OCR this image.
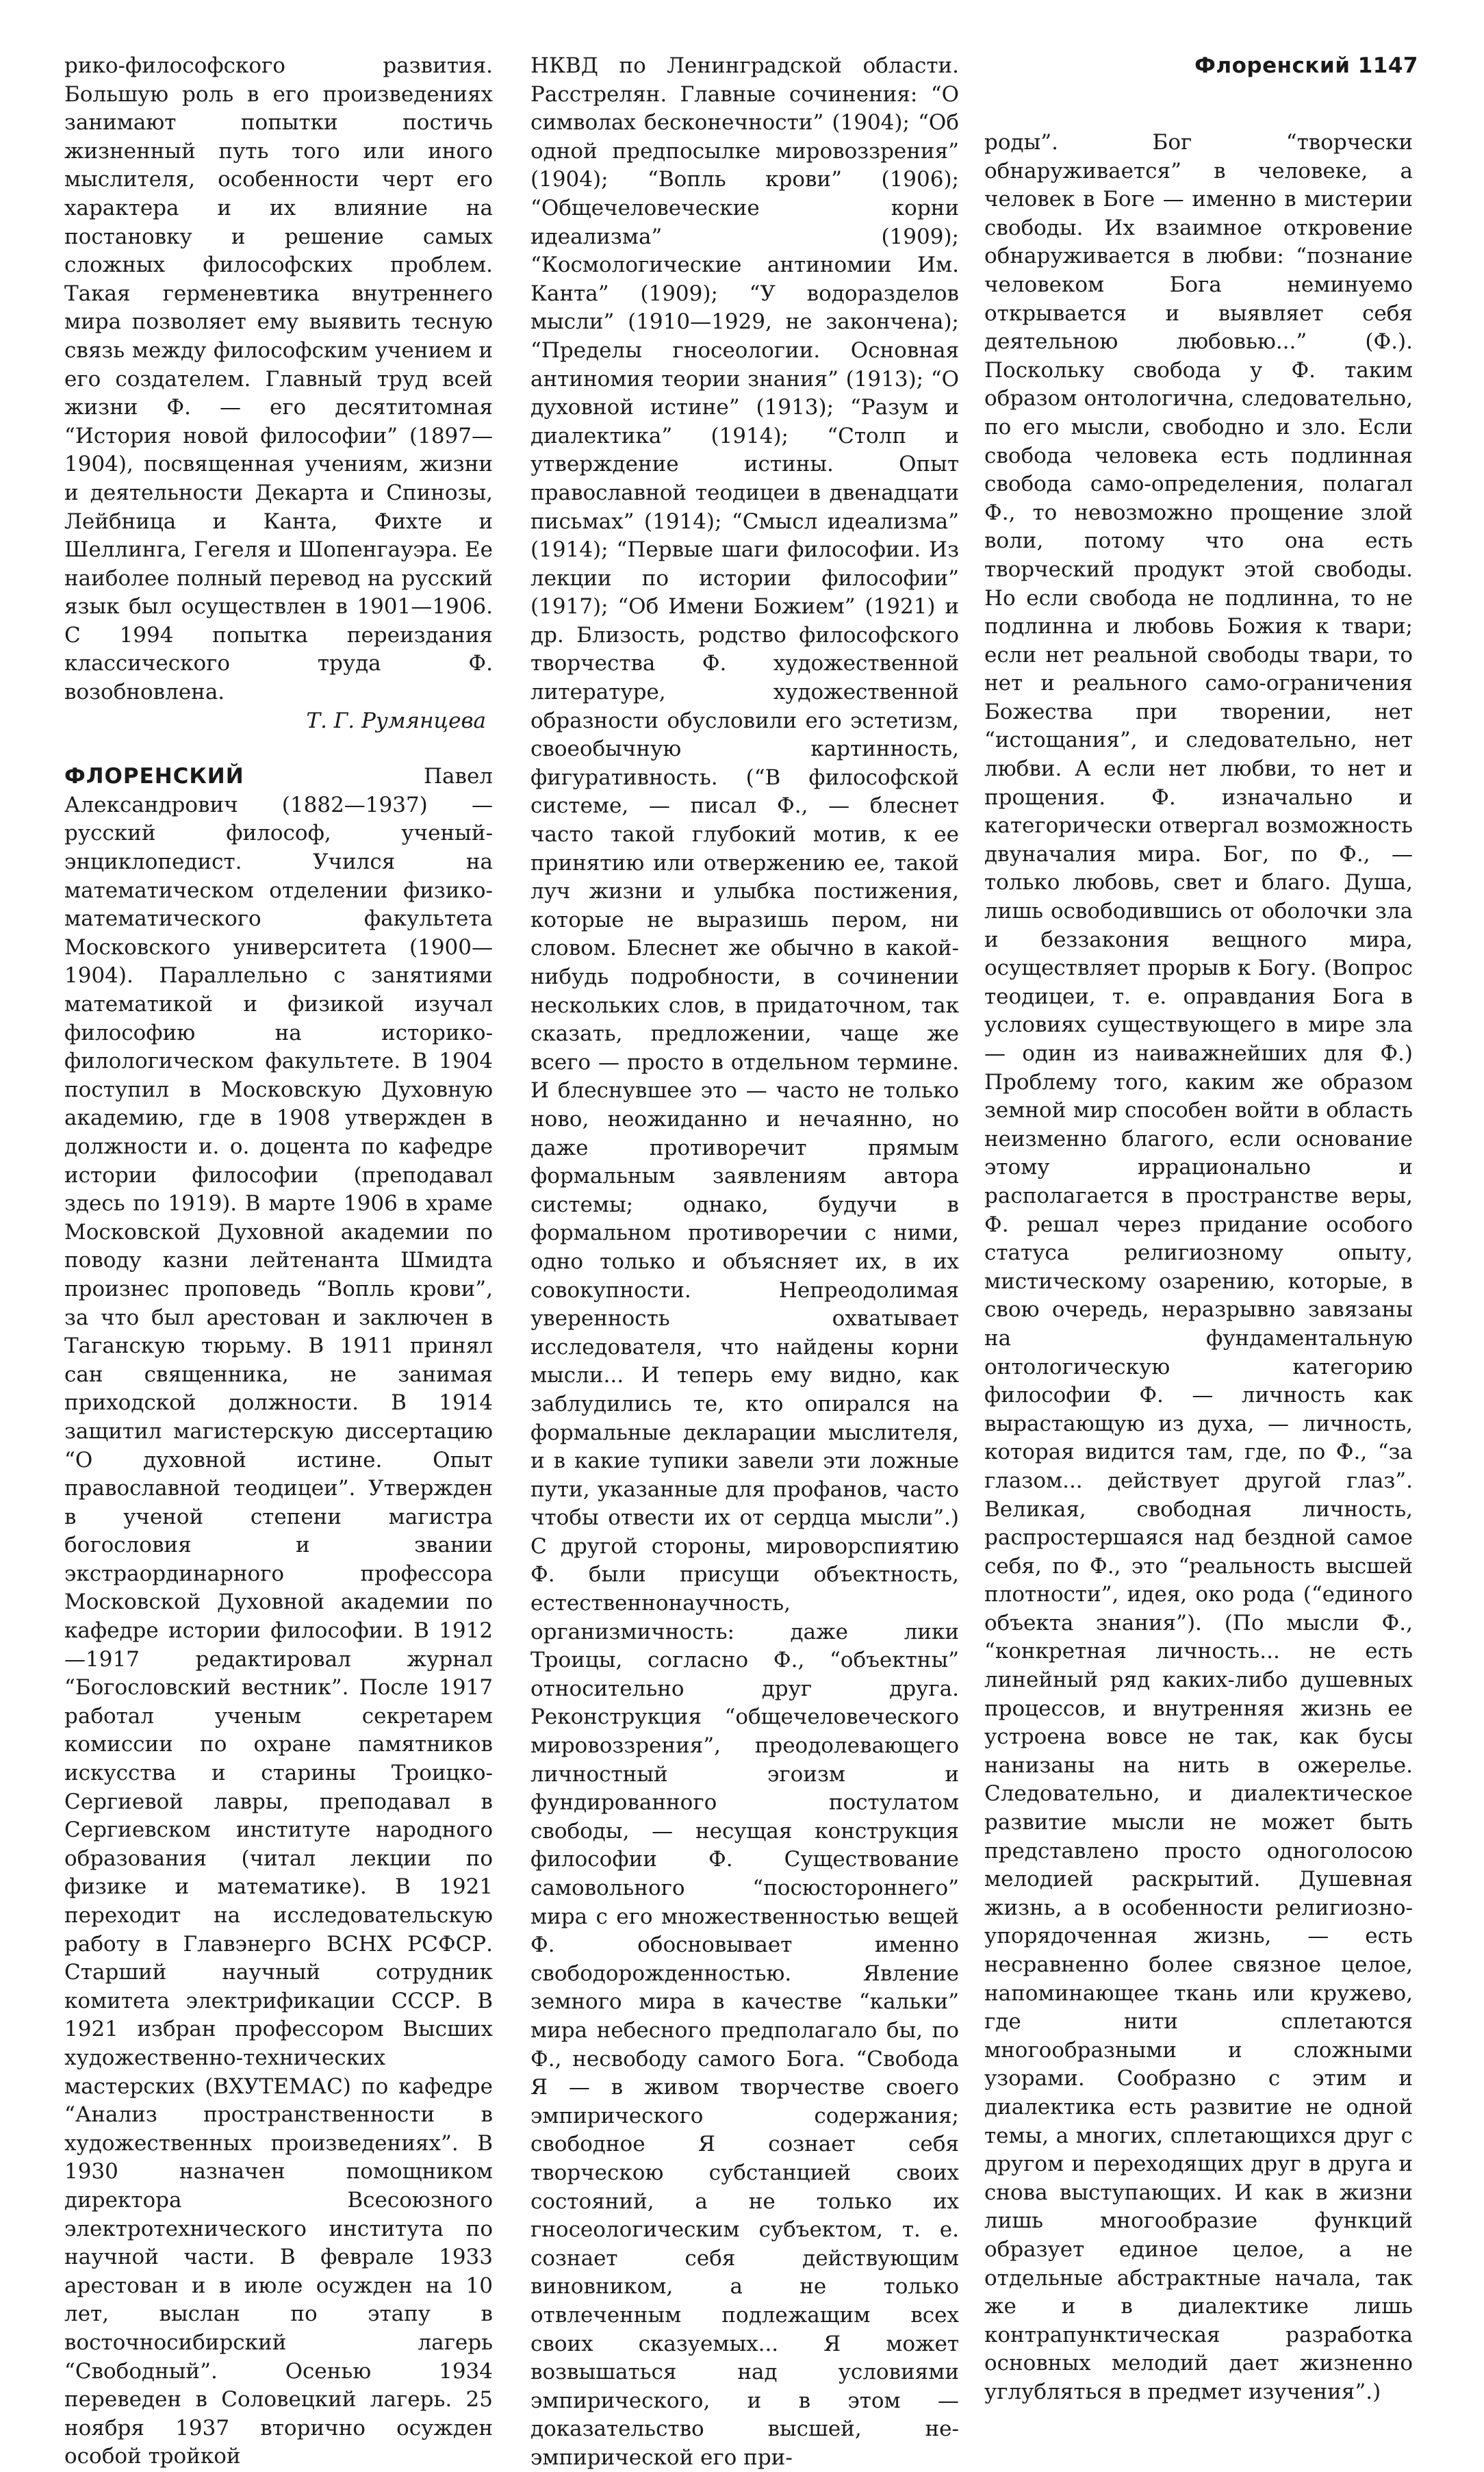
Флоренский 1147

рико-философского развития. Большую роль в его произведениях занимают попытки постичь жизненный путь того или иного мыслителя, особенности черт его характера и их влияние на постановку и решение самых сложных философских проблем. Такая герменевтика внутреннего мира позволяет ему выявить тесную связь между философским учением и его создателем. Главный труд всей жизни Ф. — его десятитомная “История новой философии” (1897—1904), посвященная учениям, жизни и деятельности Декарта и Спинозы, Лейбница и Канта, Фихте и Шеллинга, Гегеля и Шопенгауэра. Ее наиболее полный перевод на русский язык был осуществлен в 1901—1906. С 1994 попытка переиздания классического труда Ф. возобновлена.

Т. Г. Румянцева

ФЛОРЕНСКИЙ Павел Александрович (1882—1937) — русский философ, ученый-энциклопедист. Учился на математическом отделении физико-математического факультета Московского университета (1900—1904). Параллельно с занятиями математикой и физикой изучал философию на историко-филологическом факультете. В 1904 поступил в Московскую Духовную академию, где в 1908 утвержден в должности и. о. доцента по кафедре истории философии (преподавал здесь по 1919). В марте 1906 в храме Московской Духовной академии по поводу казни лейтенанта Шмидта произнес проповедь “Вопль крови”, за что был арестован и заключен в Таганскую тюрьму. В 1911 принял сан священника, не занимая приходской должности. В 1914 защитил магистерскую диссертацию “О духовной истине. Опыт православной теодицеи”. Утвержден в ученой степени магистра богословия и звании экстраординарного профессора Московской Духовной академии по кафедре истории философии. В 1912—1917 редактировал журнал “Богословский вестник”. После 1917 работал ученым секретарем комиссии по охране памятников искусства и старины Троицко-Сергиевой лавры, преподавал в Сергиевском институте народного образования (читал лекции по физике и математике). В 1921 переходит на исследовательскую работу в Главэнерго ВСНХ РСФСР. Старший научный сотрудник комитета электрификации СССР. В 1921 избран профессором Высших художественно-технических мастерских (ВХУТЕМАС) по кафедре “Анализ пространственности в художественных произведениях”. В 1930 назначен помощником директора Всесоюзного электротехнического института по научной части. В феврале 1933 арестован и в июле осужден на 10 лет, выслан по этапу в восточносибирский лагерь “Свободный”. Осенью 1934 переведен в Соловецкий лагерь. 25 ноября 1937 вторично осужден особой тройкой

НКВД по Ленинградской области. Расстрелян. Главные сочинения: “О символах бесконечности” (1904); “Об одной предпосылке мировоззрения” (1904); “Вопль крови” (1906); “Общечеловеческие корни идеализма” (1909); “Космологические антиномии Им. Канта” (1909); “У водоразделов мысли” (1910—1929, не закончена); “Пределы гносеологии. Основная антиномия теории знания” (1913); “О духовной истине” (1913); “Разум и диалектика” (1914); “Столп и утверждение истины. Опыт православной теодицеи в двенадцати письмах” (1914); “Смысл идеализма” (1914); “Первые шаги философии. Из лекции по истории философии” (1917); “Об Имени Божием” (1921) и др. Близость, родство философского творчества Ф. художественной литературе, художественной образности обусловили его эстетизм, своеобычную картинность, фигуративность. (“В философской системе, — писал Ф., — блеснет часто такой глубокий мотив, к ее принятию или отвержению ее, такой луч жизни и улыбка постижения, которые не выразишь пером, ни словом. Блеснет же обычно в какой-нибудь подробности, в сочинении нескольких слов, в придаточном, так сказать, предложении, чаще же всего — просто в отдельном термине. И блеснувшее это — часто не только ново, неожиданно и нечаянно, но даже противоречит прямым формальным заявлениям автора системы; однако, будучи в формальном противоречии с ними, одно только и объясняет их, в их совокупности. Непреодолимая уверенность охватывает исследователя, что найдены корни мысли... И теперь ему видно, как заблудились те, кто опирался на формальные декларации мыслителя, и в какие тупики завели эти ложные пути, указанные для профанов, часто чтобы отвести их от сердца мысли”.) С другой стороны, мироворспиятию Ф. были присущи объектность, естественнонаучность, организмичность: даже лики Троицы, согласно Ф., “объектны” относительно друг друга. Реконструкция “общечеловеческого мировоззрения”, преодолевающего личностный эгоизм и фундированного постулатом свободы, — несущая конструкция философии Ф. Существование самовольного “посюстороннего” мира с его множественностью вещей Ф. обосновывает именно свободорожденностью. Явление земного мира в качестве “кальки” мира небесного предполагало бы, по Ф., несвободу самого Бога. “Свобода Я — в живом творчестве своего эмпирического содержания; свободное Я сознает себя творческою субстанцией своих состояний, а не только их гносеологическим субъектом, т. е. сознает себя действующим виновником, а не только отвлеченным подлежащим всех своих сказуемых... Я может возвышаться над условиями эмпирического, и в этом — доказательство высшей, не-эмпирической его при-

роды”. Бог “творчески обнаруживается” в человеке, а человек в Боге — именно в мистерии свободы. Их взаимное откровение обнаруживается в любви: “познание человеком Бога неминуемо открывается и выявляет себя деятельною любовью...” (Ф.). Поскольку свобода у Ф. таким образом онтологична, следовательно, по его мысли, свободно и зло. Если свобода человека есть подлинная свобода само-определения, полагал Ф., то невозможно прощение злой воли, потому что она есть творческий продукт этой свободы. Но если свобода не подлинна, то не подлинна и любовь Божия к твари; если нет реальной свободы твари, то нет и реального само-ограничения Божества при творении, нет “истощания”, и следовательно, нет любви. А если нет любви, то нет и прощения. Ф. изначально и категорически отвергал возможность двуначалия мира. Бог, по Ф., — только любовь, свет и благо. Душа, лишь освободившись от оболочки зла и беззакония вещного мира, осуществляет прорыв к Богу. (Вопрос теодицеи, т. е. оправдания Бога в условиях существующего в мире зла — один из наиважнейших для Ф.) Проблему того, каким же образом земной мир способен войти в область неизменно благого, если основание этому иррационально и располагается в пространстве веры, Ф. решал через придание особого статуса религиозному опыту, мистическому озарению, которые, в свою очередь, неразрывно завязаны на фундаментальную онтологическую категорию философии Ф. — личность как вырастающую из духа, — личность, которая видится там, где, по Ф., “за глазом... действует другой глаз”. Великая, свободная личность, распростершаяся над бездной самое себя, по Ф., это “реальность высшей плотности”, идея, око рода (“единого объекта знания”). (По мысли Ф., “конкретная личность... не есть линейный ряд каких-либо душевных процессов, и внутренняя жизнь ее устроена вовсе не так, как бусы нанизаны на нить в ожерелье. Следовательно, и диалектическое развитие мысли не может быть представлено просто одноголосою мелодией раскрытий. Душевная жизнь, а в особенности религиозно-упорядоченная жизнь, — есть несравненно более связное целое, напоминающее ткань или кружево, где нити сплетаются многообразными и сложными узорами. Сообразно с этим и диалектика есть развитие не одной темы, а многих, сплетающихся друг с другом и переходящих друг в друга и снова выступающих. И как в жизни лишь многообразие функций образует единое целое, а не отдельные абстрактные начала, так же и в диалектике лишь контрапунктическая разработка основных мелодий дает жизненно углубляться в предмет изучения”.)
